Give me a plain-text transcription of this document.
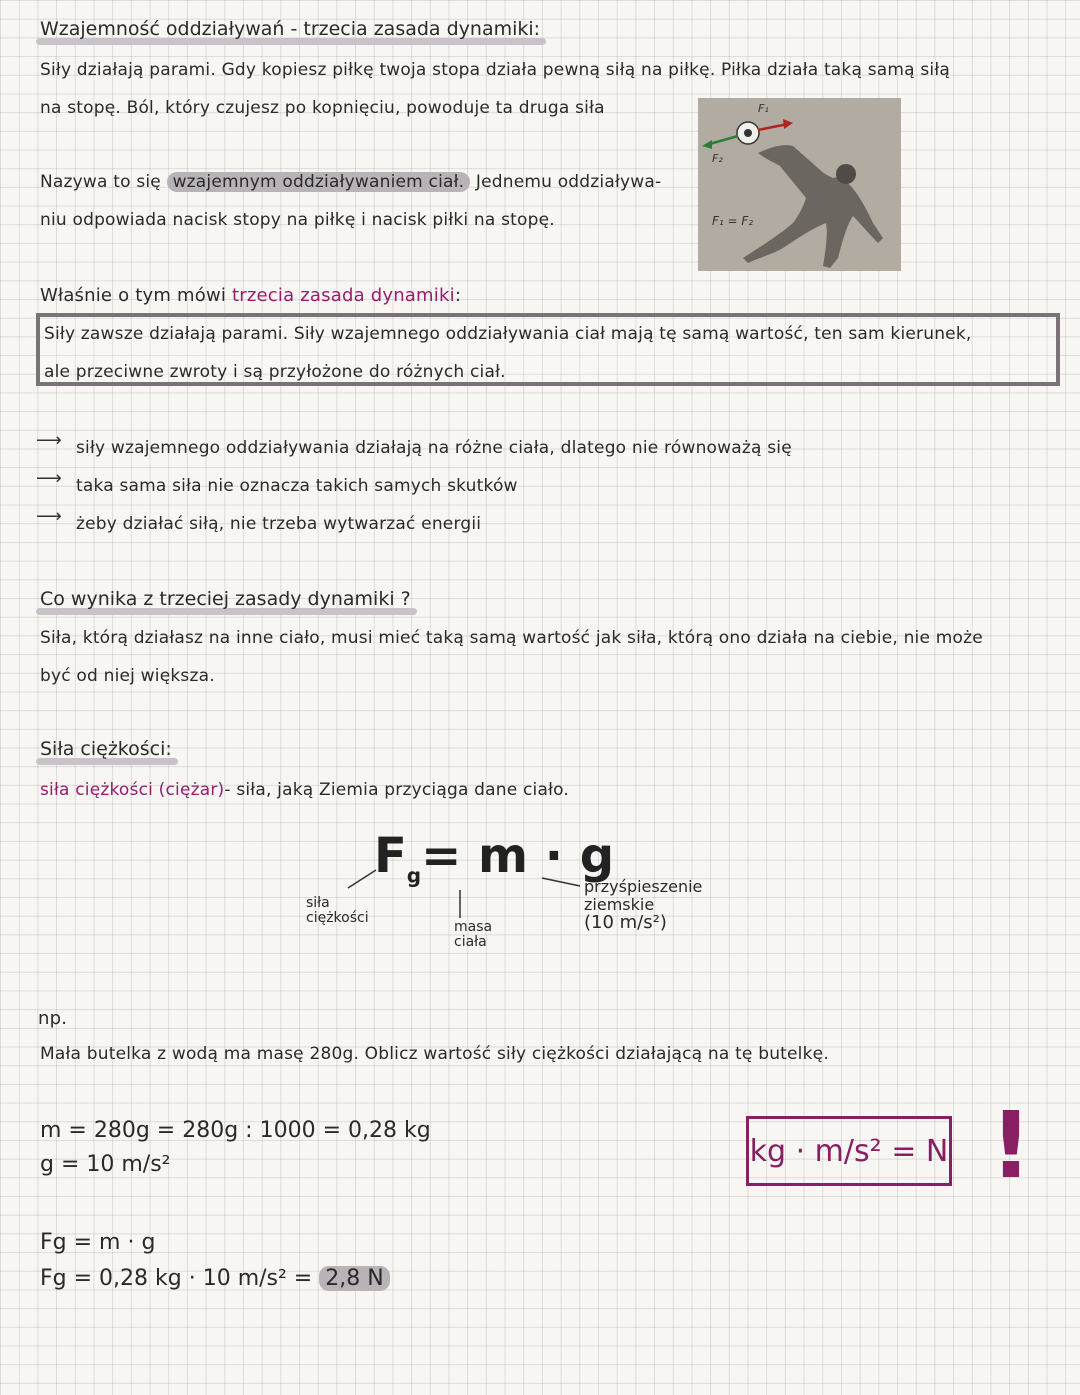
Wzajemność oddziaływań - trzecia zasada dynamiki:
Siły działają parami. Gdy kopiesz piłkę twoja stopa działa pewną siłą na piłkę. Piłka działa taką samą siłą
na stopę. Ból, który czujesz po kopnięciu, powoduje ta druga siła	F₁
F₂
F₁ = F₂
Nazywa to się wzajemnym oddziaływaniem ciał. Jednemu oddziaływa-
niu odpowiada nacisk stopy na piłkę i nacisk piłki na stopę.
Właśnie o tym mówi trzecia zasada dynamiki:
Siły zawsze działają parami. Siły wzajemnego oddziaływania ciał mają tę samą wartość, ten sam kierunek,
ale przeciwne zwroty i są przyłożone do różnych ciał.
⟶ siły wzajemnego oddziaływania działają na różne ciała, dlatego nie równoważą się
⟶ taka sama siła nie oznacza takich samych skutków
⟶ żeby działać siłą, nie trzeba wytwarzać energii
Co wynika z trzeciej zasady dynamiki ?
Siła, którą działasz na inne ciało, musi mieć taką samą wartość jak siła, którą ono działa na ciebie, nie może
być od niej większa.
Siła ciężkości:
siła ciężkości (ciężar)- siła, jaką Ziemia przyciąga dane ciało.
$F_g= m \cdot g$
siła
ciężkości
masa
ciała
przyśpieszenie
ziemskie
(10 m/s²)
np.
Mała butelka z wodą ma masę 280g. Oblicz wartość siły ciężkości działającą na tę butelkę.
m = 280g = 280g : 1000 = 0,28 kg
g = 10 m/s²	kg · m/s² = N !
Fg = m · g
Fg = 0,28 kg · 10 m/s² = 2,8 N
